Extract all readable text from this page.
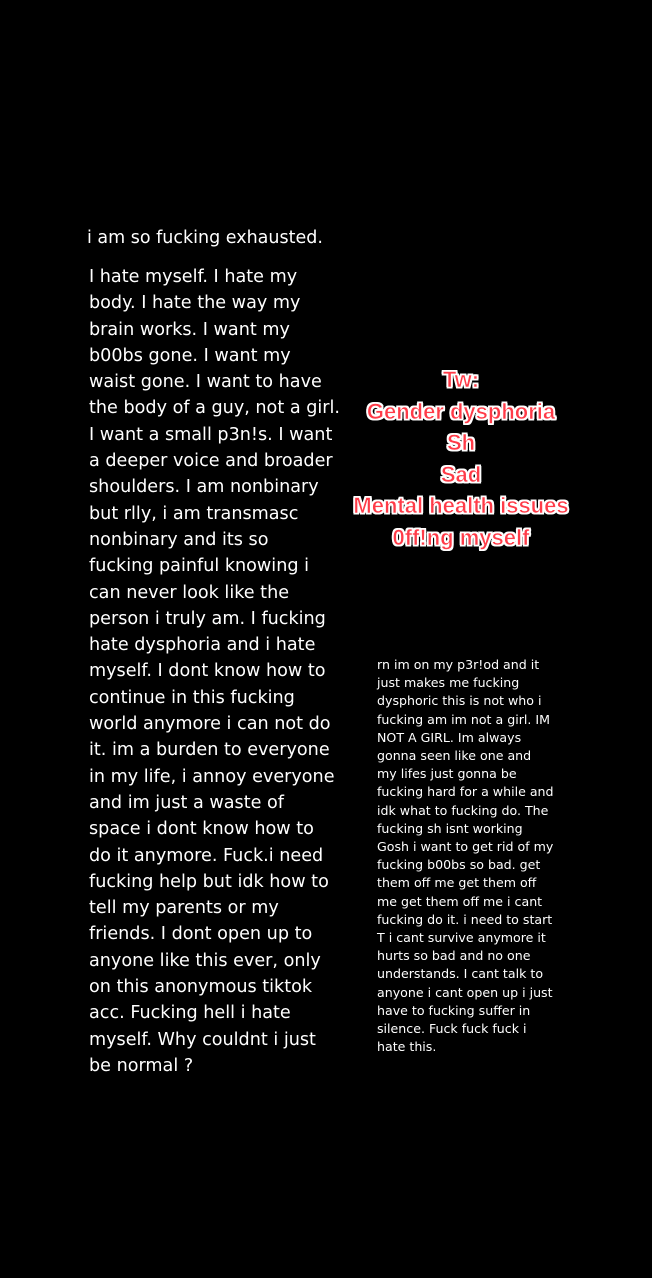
i am so fucking exhausted.

I hate myself. I hate my
body. I hate the way my
brain works. I want my
b00bs gone. I want my
waist gone. I want to have
the body of a guy, not a girl.
I want a small p3n!s. I want
a deeper voice and broader
shoulders. I am nonbinary
but rlly, i am transmasc
nonbinary and its so
fucking painful knowing i
can never look like the
person i truly am. I fucking
hate dysphoria and i hate
myself. I dont know how to
continue in this fucking
world anymore i can not do
it. im a burden to everyone
in my life, i annoy everyone
and im just a waste of
space i dont know how to
do it anymore. Fuck.i need
fucking help but idk how to
tell my parents or my
friends. I dont open up to
anyone like this ever, only
on this anonymous tiktok
acc. Fucking hell i hate
myself. Why couldnt i just
be normal ?

Tw:
Gender dysphoria
Sh
Sad
Mental health issues
0ff!ng myself

rn im on my p3r!od and it
just makes me fucking
dysphoric this is not who i
fucking am im not a girl. IM
NOT A GIRL. Im always
gonna seen like one and
my lifes just gonna be
fucking hard for a while and
idk what to fucking do. The
fucking sh isnt working
Gosh i want to get rid of my
fucking b00bs so bad. get
them off me get them off
me get them off me i cant
fucking do it. i need to start
T i cant survive anymore it
hurts so bad and no one
understands. I cant talk to
anyone i cant open up i just
have to fucking suffer in
silence. Fuck fuck fuck i
hate this.
